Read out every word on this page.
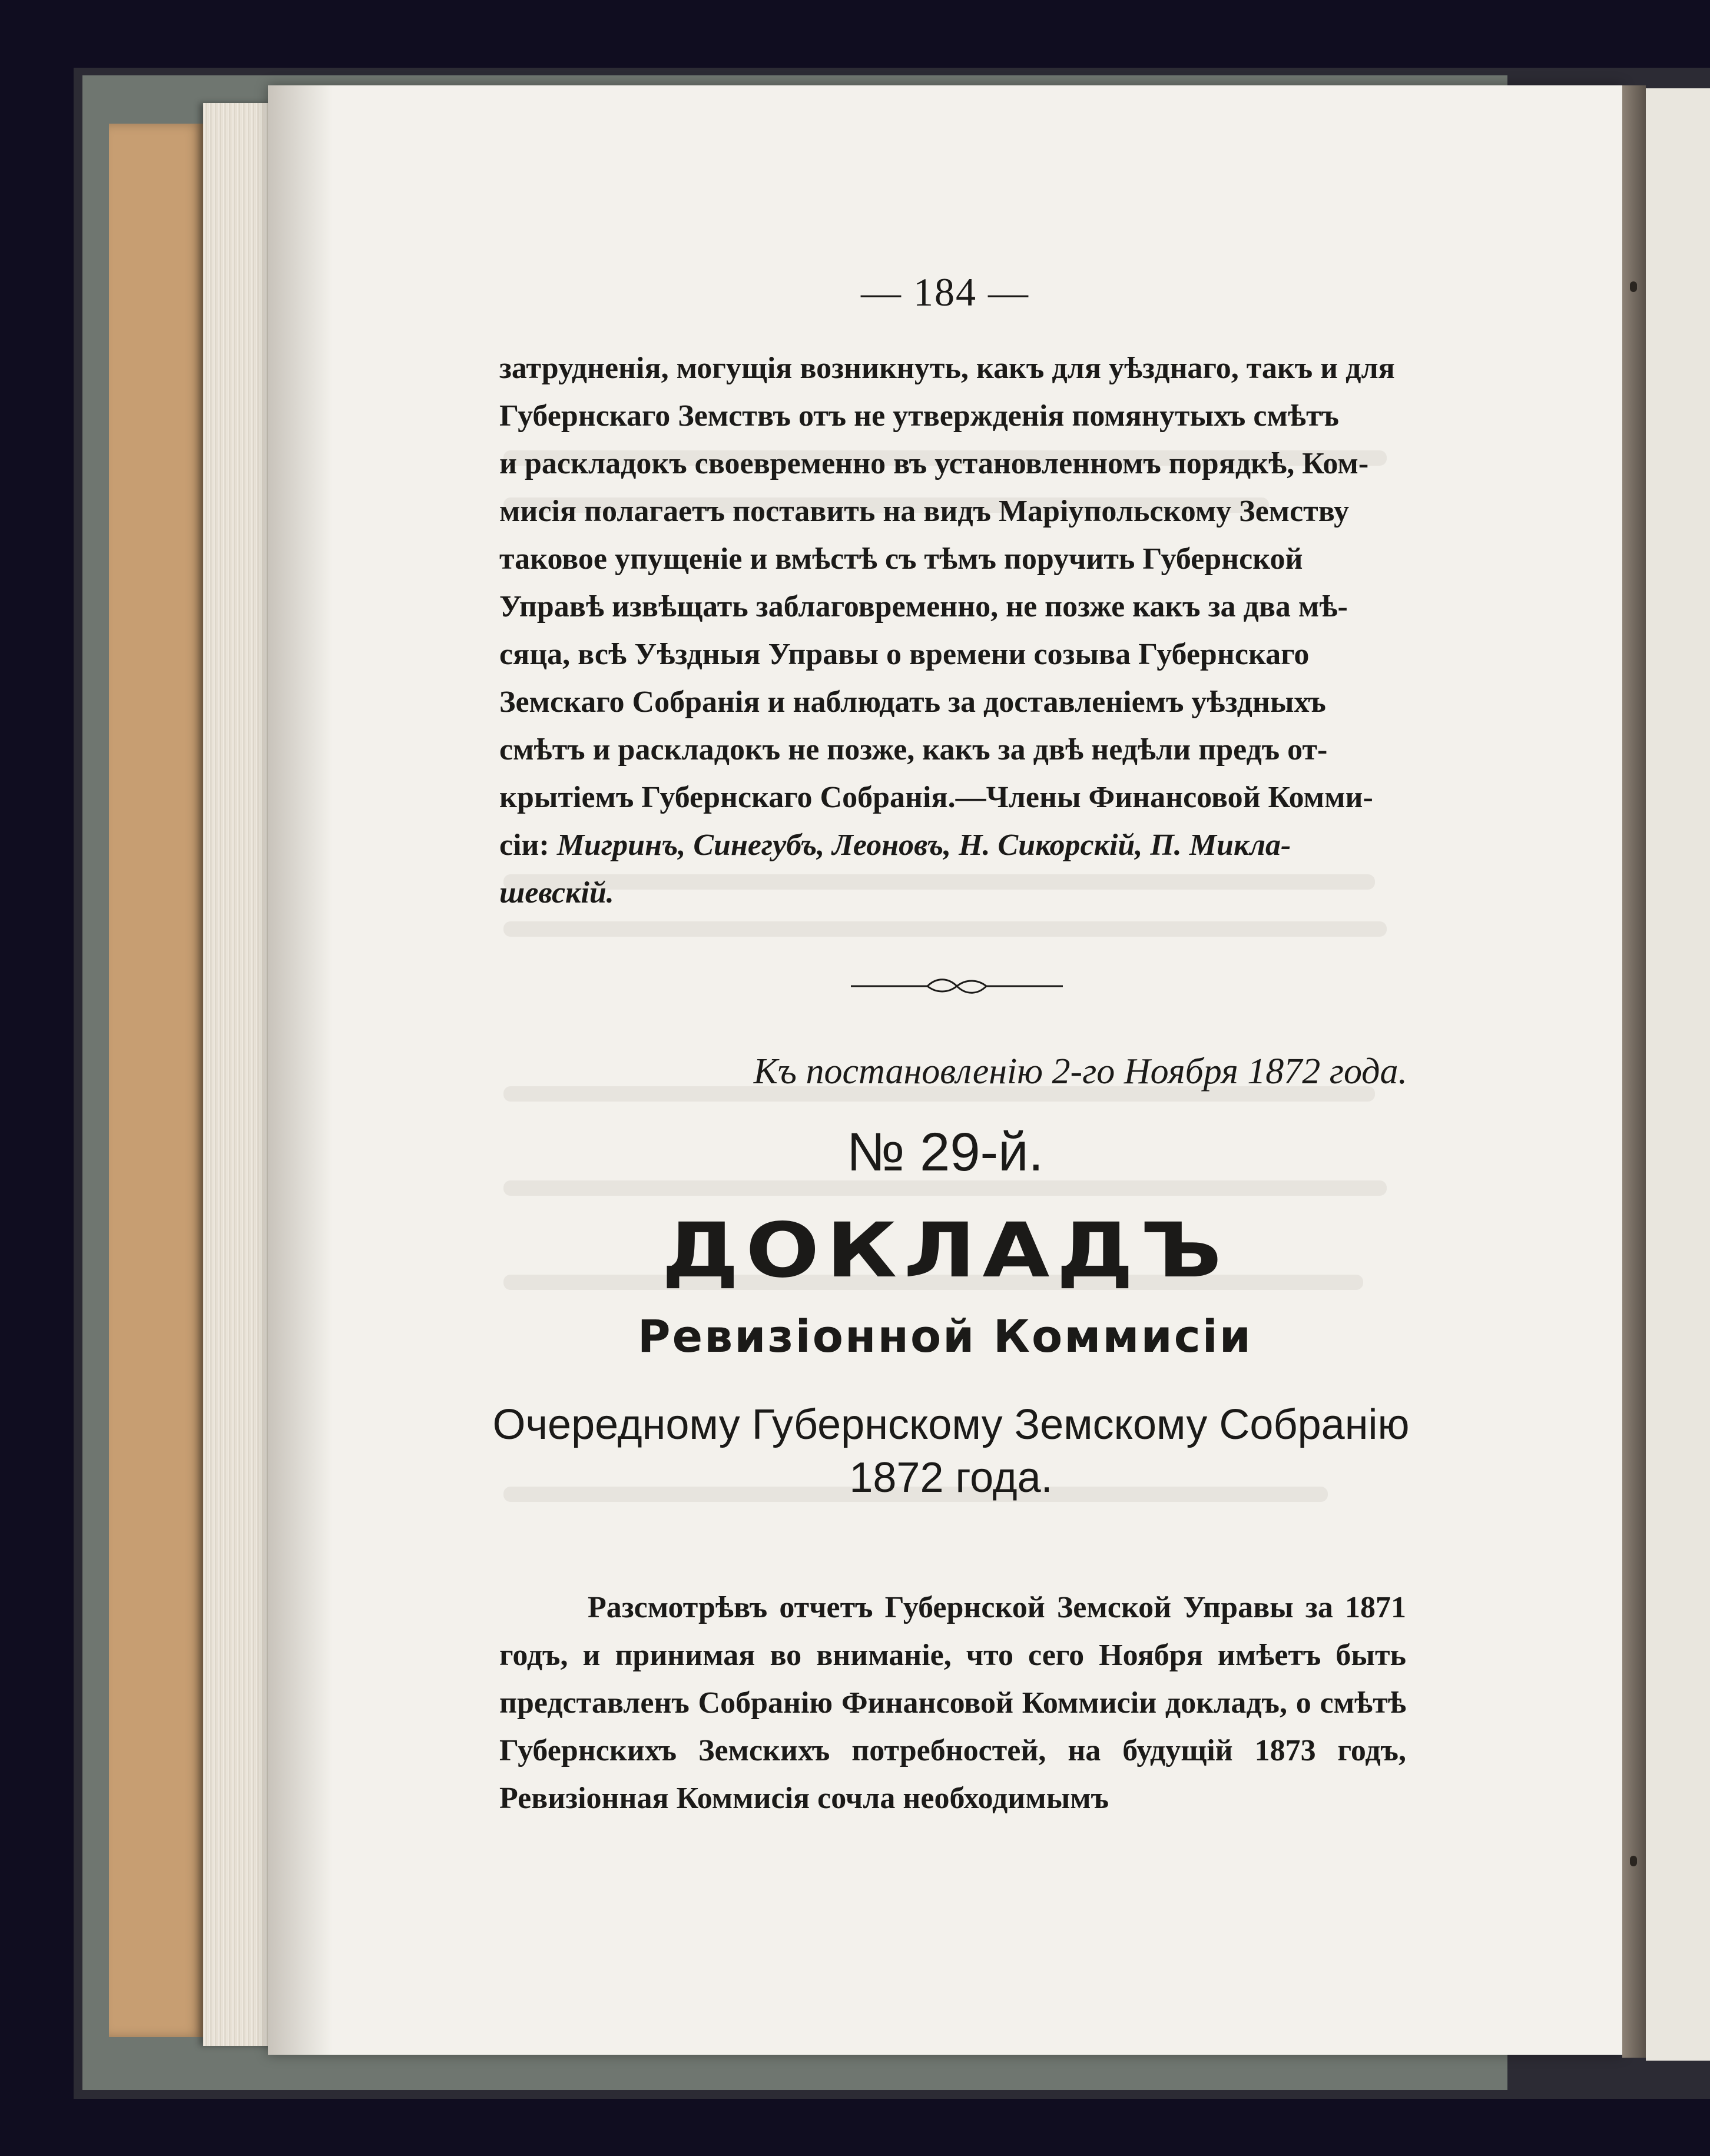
— 184 —

затрудненія, могущія возникнуть, какъ для уѣзднаго, такъ и для

Губернскаго Земствъ отъ не утвержденія помянутыхъ смѣтъ

и раскладокъ своевременно въ установленномъ порядкѣ, Ком-

мисія полагаетъ поставить на видъ Маріупольскому Земству

таковое упущеніе и вмѣстѣ съ тѣмъ поручить Губернской

Управѣ извѣщать заблаговременно, не позже какъ за два мѣ-

сяца, всѣ Уѣздныя Управы о времени созыва Губернскаго

Земскаго Собранія и наблюдать за доставленіемъ уѣздныхъ

смѣтъ и раскладокъ не позже, какъ за двѣ недѣли предъ от-

крытіемъ Губернскаго Собранія.—Члены Финансовой Комми-

сіи: Мигринъ, Синегубъ, Леоновъ, Н. Сикорскій, П. Микла-

шевскій.

Къ постановленію 2-го Ноября 1872 года.
№ 29-й.
ДОКЛАДЪ
Ревизіонной Коммисіи
Очередному Губернскому Земскому Собранію 1872 года.

Разсмотрѣвъ отчетъ Губернской Земской Управы за 1871 годъ, и принимая во вниманіе, что сего Ноября имѣетъ быть представленъ Собранію Финансовой Коммисіи докладъ, о смѣтѣ Губернскихъ Земскихъ потребностей, на будущій 1873 годъ, Ревизіонная Коммисія сочла необходимымъ
